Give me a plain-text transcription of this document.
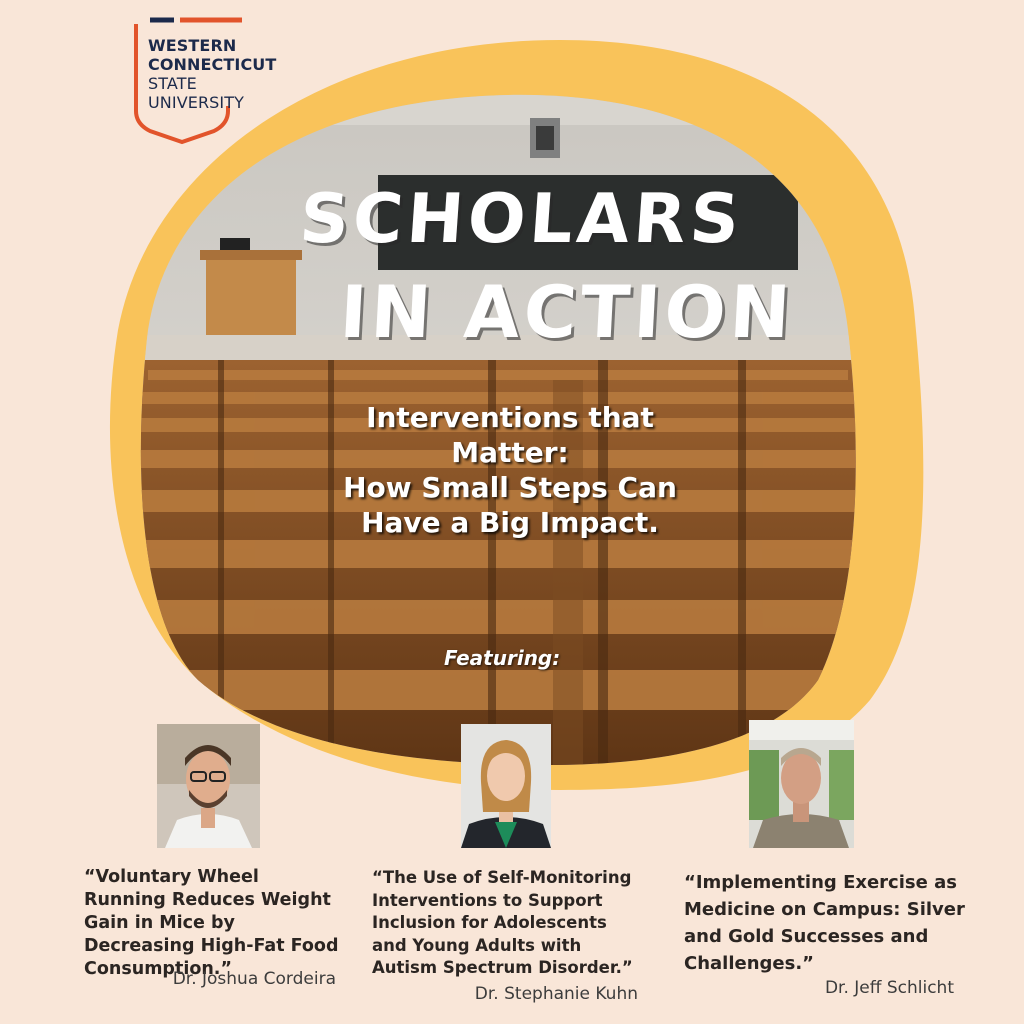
WESTERN
CONNECTICUT
STATE
UNIVERSITY
SCHOLARS
IN ACTION
Interventions that
Matter:
How Small Steps Can
Have a Big Impact.
Featuring:
“Voluntary Wheel Running Reduces Weight Gain in Mice by Decreasing High-Fat Food Consumption.”
Dr. Joshua Cordeira
“The Use of Self-Monitoring Interventions to Support Inclusion for Adolescents and Young Adults with Autism Spectrum Disorder.”
Dr. Stephanie Kuhn
“Implementing Exercise as Medicine on Campus: Silver and Gold Successes and Challenges.”
Dr. Jeff Schlicht
